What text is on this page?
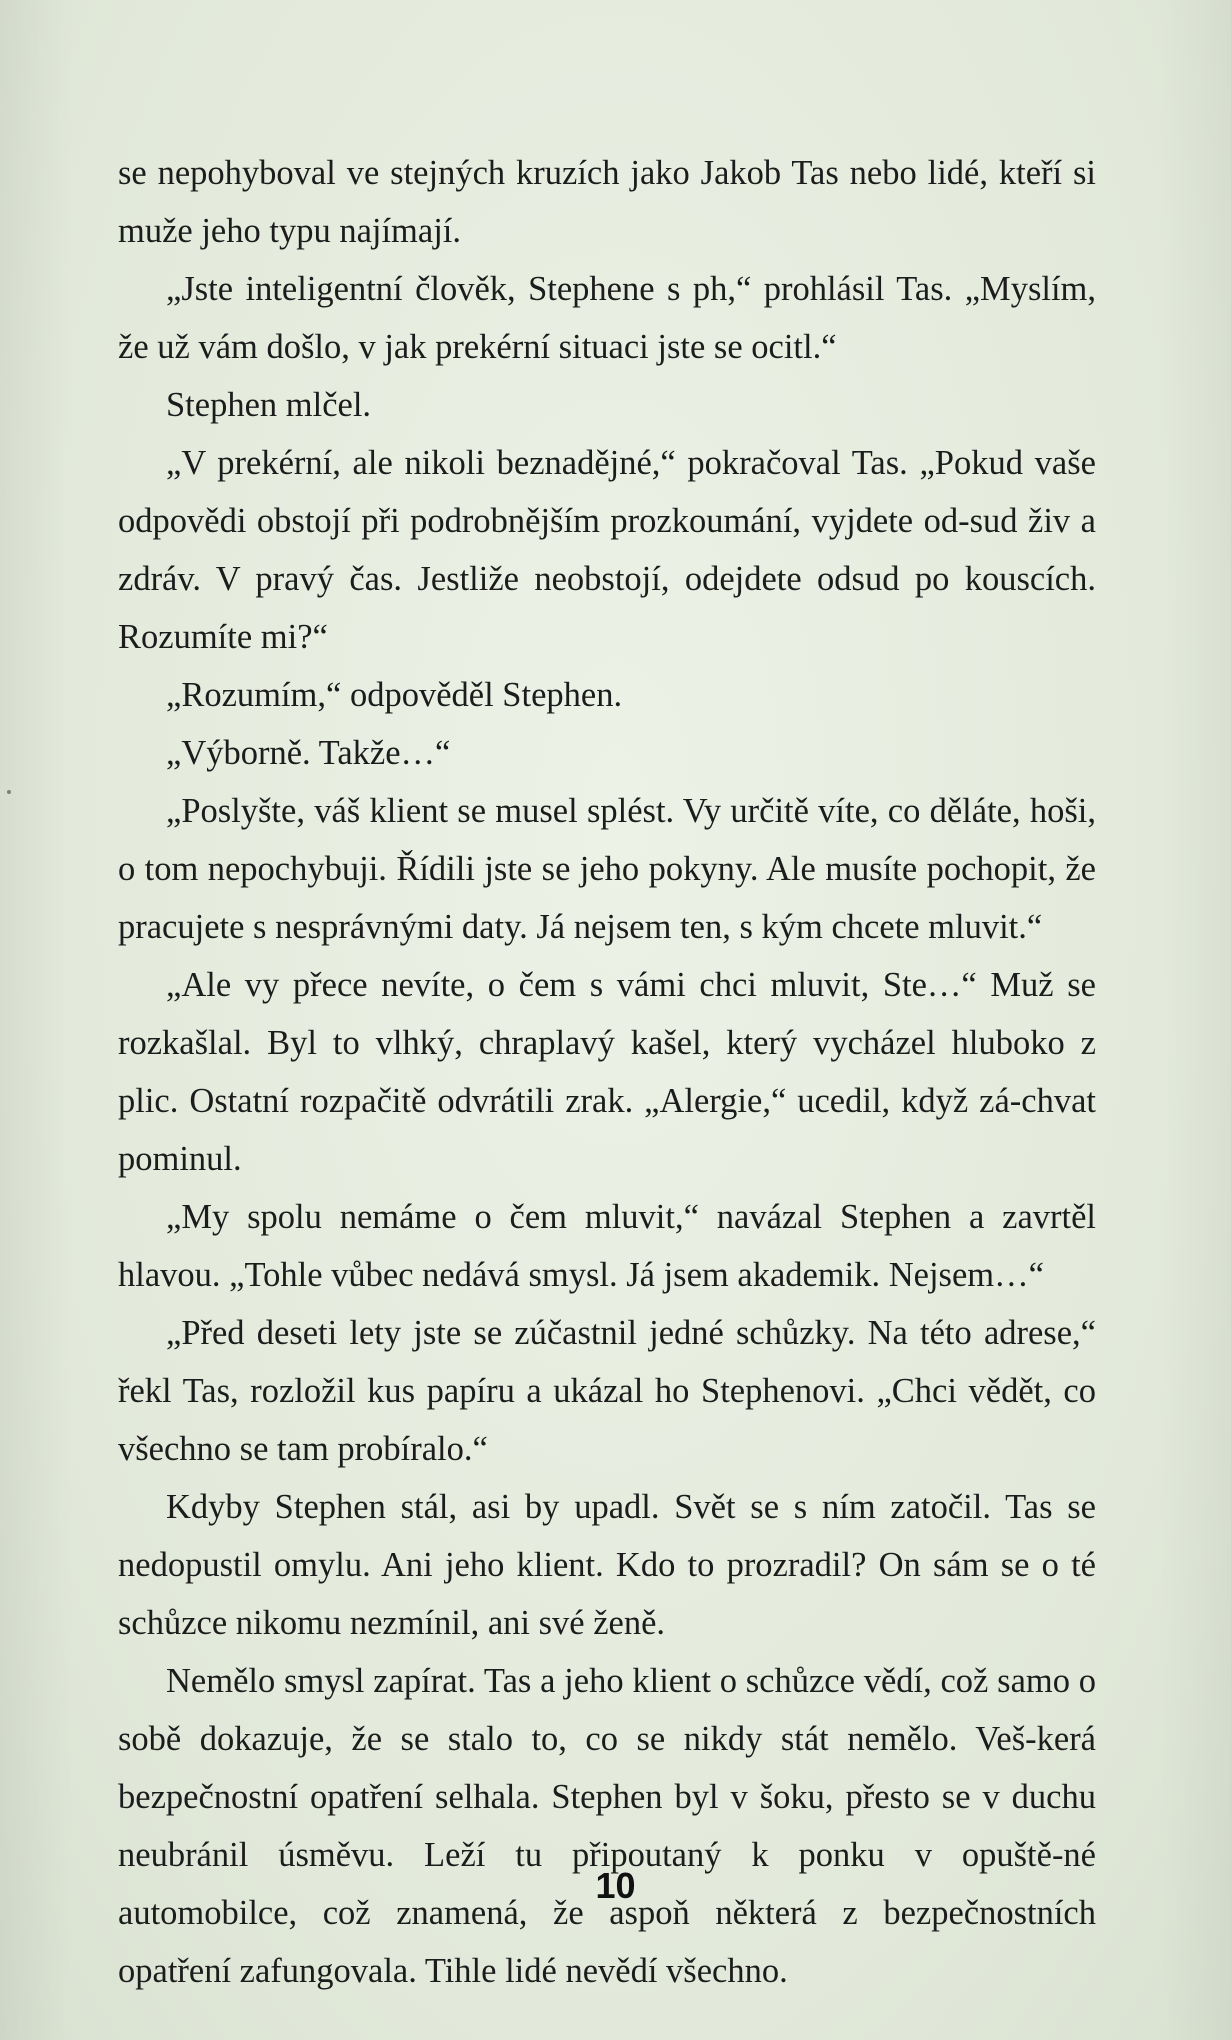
se nepohyboval ve stejných kruzích jako Jakob Tas nebo lidé, kteří si muže jeho typu najímají.

„Jste inteligentní člověk, Stephene s ph,“ prohlásil Tas. „Myslím, že už vám došlo, v jak prekérní situaci jste se ocitl.“

Stephen mlčel.

„V prekérní, ale nikoli beznadějné,“ pokračoval Tas. „Pokud vaše odpovědi obstojí při podrobnějším prozkoumání, vyjdete od-sud živ a zdráv. V pravý čas. Jestliže neobstojí, odejdete odsud po kouscích. Rozumíte mi?“

„Rozumím,“ odpověděl Stephen.

„Výborně. Takže…“

„Poslyšte, váš klient se musel splést. Vy určitě víte, co děláte, hoši, o tom nepochybuji. Řídili jste se jeho pokyny. Ale musíte pochopit, že pracujete s nesprávnými daty. Já nejsem ten, s kým chcete mluvit.“

„Ale vy přece nevíte, o čem s vámi chci mluvit, Ste…“ Muž se rozkašlal. Byl to vlhký, chraplavý kašel, který vycházel hluboko z plic. Ostatní rozpačitě odvrátili zrak. „Alergie,“ ucedil, když zá-chvat pominul.

„My spolu nemáme o čem mluvit,“ navázal Stephen a zavrtěl hlavou. „Tohle vůbec nedává smysl. Já jsem akademik. Nejsem…“

„Před deseti lety jste se zúčastnil jedné schůzky. Na této adrese,“ řekl Tas, rozložil kus papíru a ukázal ho Stephenovi. „Chci vědět, co všechno se tam probíralo.“

Kdyby Stephen stál, asi by upadl. Svět se s ním zatočil. Tas se nedopustil omylu. Ani jeho klient. Kdo to prozradil? On sám se o té schůzce nikomu nezmínil, ani své ženě.

Nemělo smysl zapírat. Tas a jeho klient o schůzce vědí, což samo o sobě dokazuje, že se stalo to, co se nikdy stát nemělo. Veš-kerá bezpečnostní opatření selhala. Stephen byl v šoku, přesto se v duchu neubránil úsměvu. Leží tu připoutaný k ponku v opuště-né automobilce, což znamená, že aspoň některá z bezpečnostních opatření zafungovala. Tihle lidé nevědí všechno.

10
